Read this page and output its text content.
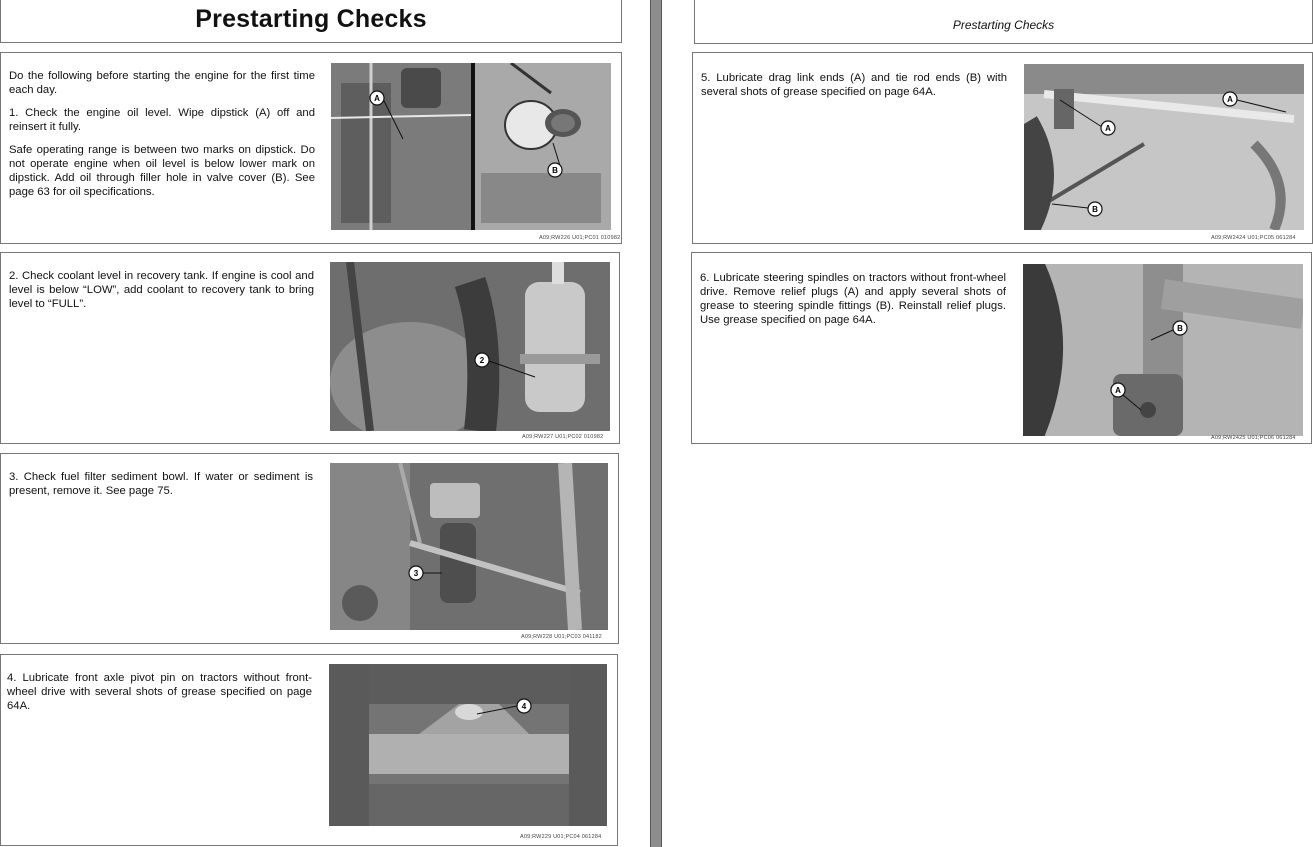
Prestarting Checks

Do the following before starting the engine for the first time each day.

1. Check the engine oil level. Wipe dipstick (A) off and reinsert it fully.

Safe operating range is between two marks on dipstick. Do not operate engine when oil level is below lower mark on dipstick. Add oil through filler hole in valve cover (B). See page 63 for oil specifications.

A
B
A09;RW226 U01;PC01 010982

2. Check coolant level in recovery tank. If engine is cool and level is below “LOW”, add coolant to recovery tank to bring level to “FULL”.

2
A09;RW227 U01;PC02 010982

3. Check fuel filter sediment bowl. If water or sediment is present, remove it. See page 75.

3
A09;RW228 U01;PC03 041182

4. Lubricate front axle pivot pin on tractors without front-wheel drive with several shots of grease specified on page 64A.	4
A09;RW229 U01;PC04 061284
Prestarting Checks

5. Lubricate drag link ends (A) and tie rod ends (B) with several shots of grease specified on page 64A.

A
A
B
A09;RW2424 U01;PC05 061284

6. Lubricate steering spindles on tractors without front-wheel drive. Remove relief plugs (A) and apply several shots of grease to steering spindle fittings (B). Reinstall relief plugs. Use grease specified on page 64A.

B
A
A09;RW2425 U01;PC06 061284
